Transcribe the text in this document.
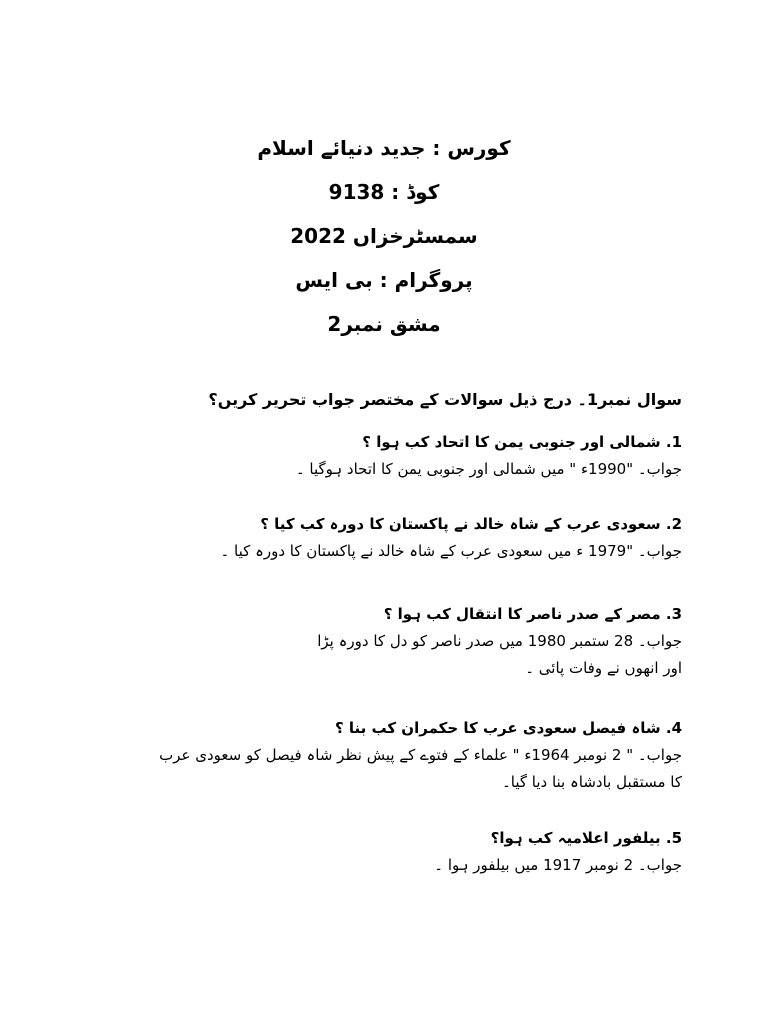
کورس : جدید دنیائے اسلام
کوڈ : 9138
سمسٹرخزاں 2022
پروگرام : بی ایس
مشق نمبر2
سوال نمبر1۔ درج ذیل سوالات کے مختصر جواب تحریر کریں؟
1. شمالی اور جنوبی یمن کا اتحاد کب ہوا ؟
جواب۔ "1990ء " میں شمالی اور جنوبی یمن کا اتحاد ہوگیا ۔
2. سعودی عرب کے شاہ خالد نے پاکستان کا دورہ کب کیا ؟
جواب۔ "1979 ء میں سعودی عرب کے شاہ خالد نے پاکستان کا دورہ کیا ۔
3. مصر کے صدر ناصر کا انتقال کب ہوا ؟
جواب۔ 28 ستمبر 1980 میں صدر ناصر کو دل کا دورہ پڑا
اور انھوں نے وفات پائی ۔
4. شاہ فیصل سعودی عرب کا حکمران کب بنا ؟
جواب۔ " 2 نومبر 1964ء " علماء کے فتوے کے پیش نظر شاہ فیصل کو سعودی عرب
کا مستقبل بادشاہ بنا دیا گیا۔
5. بیلفور اعلامیہ کب ہوا؟
جواب۔ 2 نومبر 1917 میں بیلفور ہوا ۔
